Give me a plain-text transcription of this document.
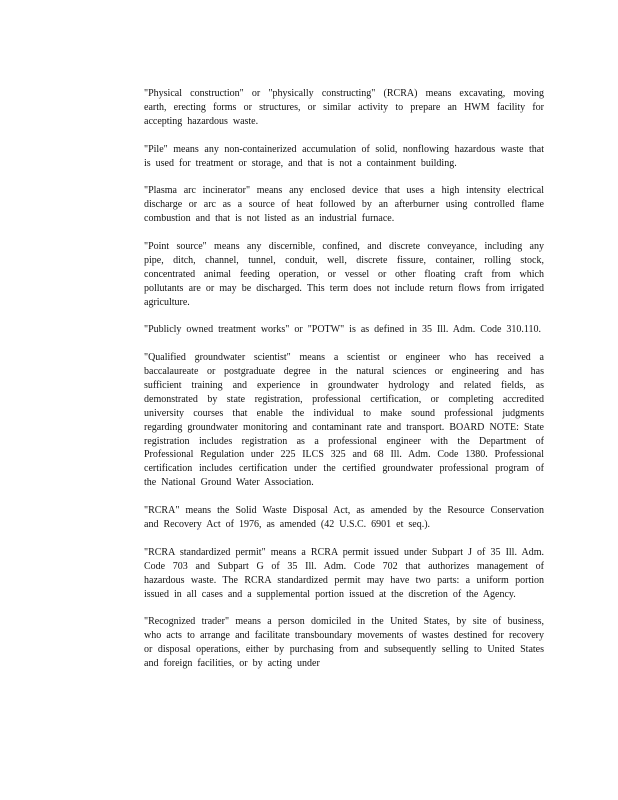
"Physical construction" or "physically constructing" (RCRA) means excavating, moving earth, erecting forms or structures, or similar activity to prepare an HWM facility for accepting hazardous waste.

"Pile" means any non-containerized accumulation of solid, nonflowing hazardous waste that is used for treatment or storage, and that is not a containment building.

"Plasma arc incinerator" means any enclosed device that uses a high intensity electrical discharge or arc as a source of heat followed by an afterburner using controlled flame combustion and that is not listed as an industrial furnace.

"Point source" means any discernible, confined, and discrete conveyance, including any pipe, ditch, channel, tunnel, conduit, well, discrete fissure, container, rolling stock, concentrated animal feeding operation, or vessel or other floating craft from which pollutants are or may be discharged. This term does not include return flows from irrigated agriculture.

"Publicly owned treatment works" or "POTW" is as defined in 35 Ill. Adm. Code 310.110.

"Qualified groundwater scientist" means a scientist or engineer who has received a baccalaureate or postgraduate degree in the natural sciences or engineering and has sufficient training and experience in groundwater hydrology and related fields, as demonstrated by state registration, professional certification, or completing accredited university courses that enable the individual to make sound professional judgments regarding groundwater monitoring and contaminant rate and transport. BOARD NOTE: State registration includes registration as a professional engineer with the Department of Professional Regulation under 225 ILCS 325 and 68 Ill. Adm. Code 1380. Professional certification includes certification under the certified groundwater professional program of the National Ground Water Association.

"RCRA" means the Solid Waste Disposal Act, as amended by the Resource Conservation and Recovery Act of 1976, as amended (42 U.S.C. 6901 et seq.).

"RCRA standardized permit" means a RCRA permit issued under Subpart J of 35 Ill. Adm. Code 703 and Subpart G of 35 Ill. Adm. Code 702 that authorizes management of hazardous waste. The RCRA standardized permit may have two parts: a uniform portion issued in all cases and a supplemental portion issued at the discretion of the Agency.

"Recognized trader" means a person domiciled in the United States, by site of business, who acts to arrange and facilitate transboundary movements of wastes destined for recovery or disposal operations, either by purchasing from and subsequently selling to United States and foreign facilities, or by acting under
